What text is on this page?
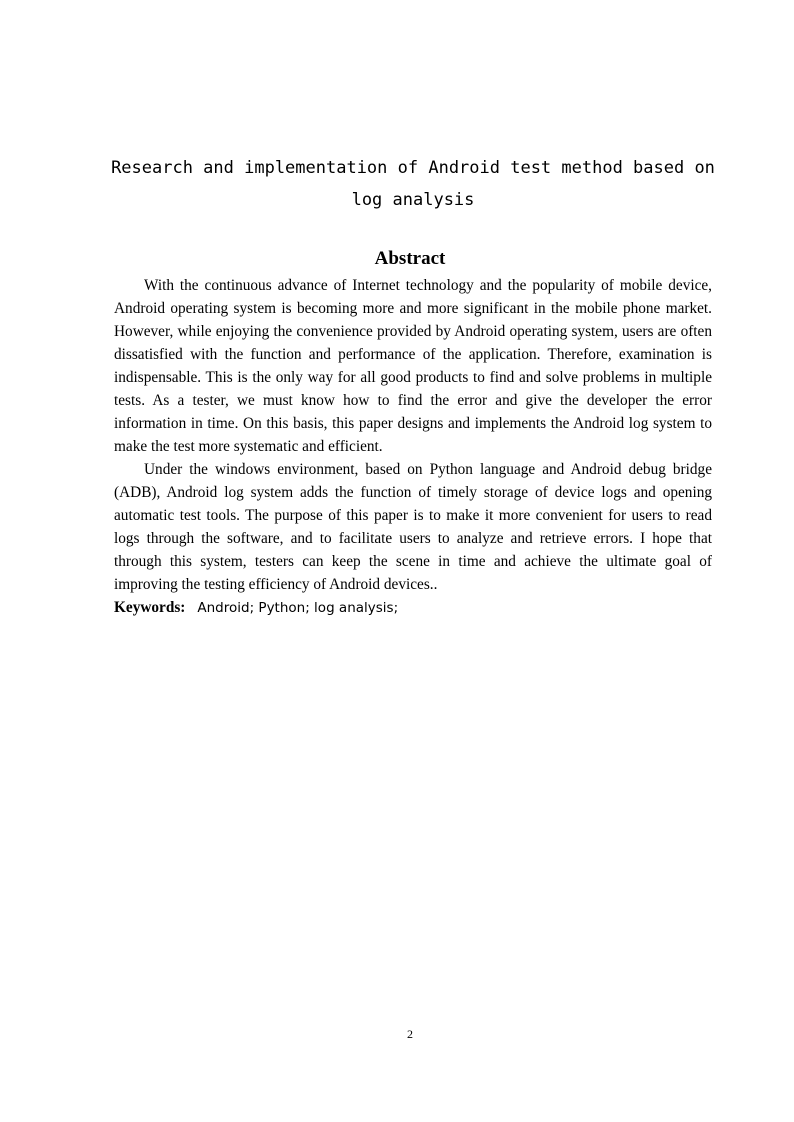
Research and implementation of Android test method based on log analysis
Abstract

With the continuous advance of Internet technology and the popularity of mobile device, Android operating system is becoming more and more significant in the mobile phone market. However, while enjoying the convenience provided by Android operating system, users are often dissatisfied with the function and performance of the application. Therefore, examination is indispensable. This is the only way for all good products to find and solve problems in multiple tests. As a tester, we must know how to find the error and give the developer the error information in time. On this basis, this paper designs and implements the Android log system to make the test more systematic and efficient.

Under the windows environment, based on Python language and Android debug bridge (ADB), Android log system adds the function of timely storage of device logs and opening automatic test tools. The purpose of this paper is to make it more convenient for users to read logs through the software, and to facilitate users to analyze and retrieve errors. I hope that through this system, testers can keep the scene in time and achieve the ultimate goal of improving the testing efficiency of Android devices..

Keywords: Android; Python; log analysis;
2
